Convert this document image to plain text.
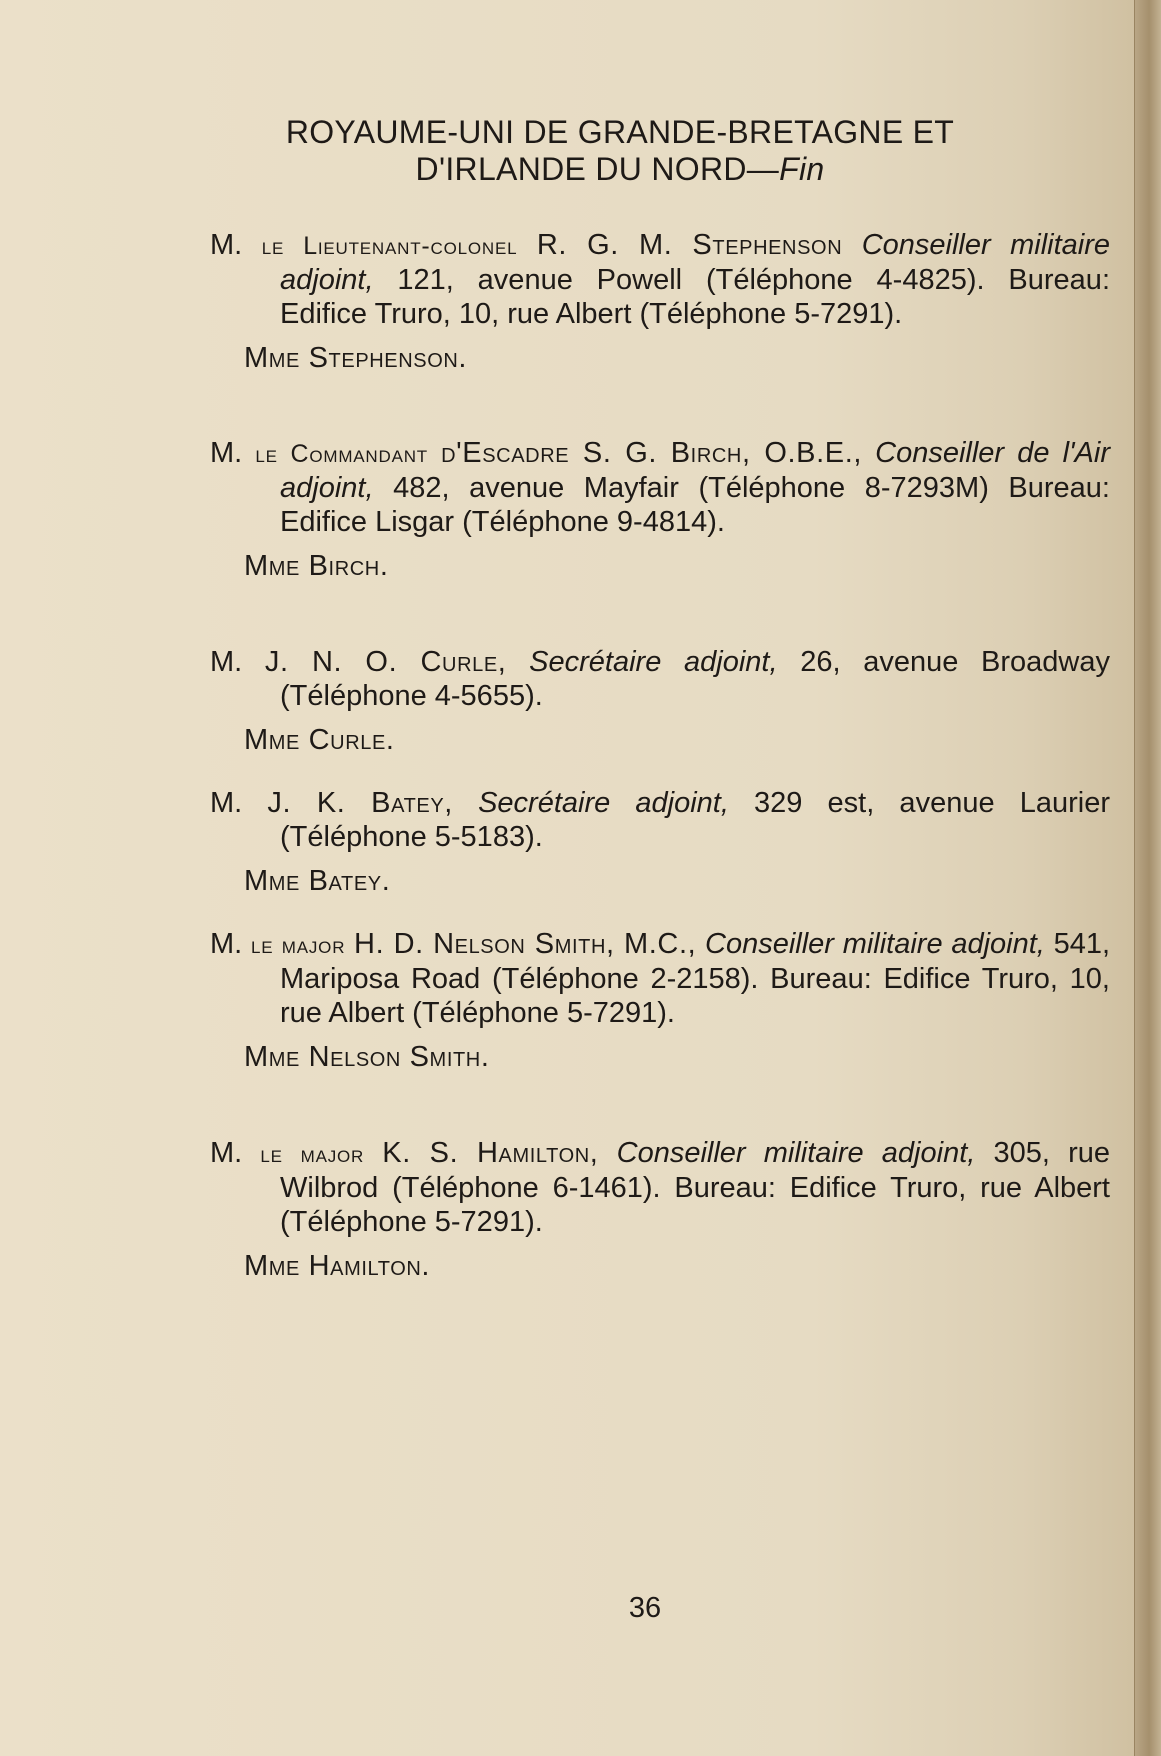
ROYAUME-UNI DE GRANDE-BRETAGNE ET
D'IRLANDE DU NORD—Fin
M. le Lieutenant-colonel R. G. M. Stephenson Conseiller militaire adjoint, 121, avenue Powell (Téléphone 4-4825). Bureau: Edifice Truro, 10, rue Albert (Téléphone 5-7291).
Mme Stephenson.
M. le Commandant d'Escadre S. G. Birch, O.B.E., Conseiller de l'Air adjoint, 482, avenue Mayfair (Téléphone 8-7293M) Bureau: Edifice Lisgar (Téléphone 9-4814).
Mme Birch.
M. J. N. O. Curle, Secrétaire adjoint, 26, avenue Broadway (Téléphone 4-5655).
Mme Curle.
M. J. K. Batey, Secrétaire adjoint, 329 est, avenue Laurier (Téléphone 5-5183).
Mme Batey.
M. le major H. D. Nelson Smith, M.C., Conseiller militaire adjoint, 541, Mariposa Road (Téléphone 2-2158). Bureau: Edifice Truro, 10, rue Albert (Téléphone 5-7291).
Mme Nelson Smith.
M. le major K. S. Hamilton, Conseiller militaire adjoint, 305, rue Wilbrod (Téléphone 6-1461). Bureau: Edifice Truro, rue Albert (Téléphone 5-7291).
Mme Hamilton.
36
